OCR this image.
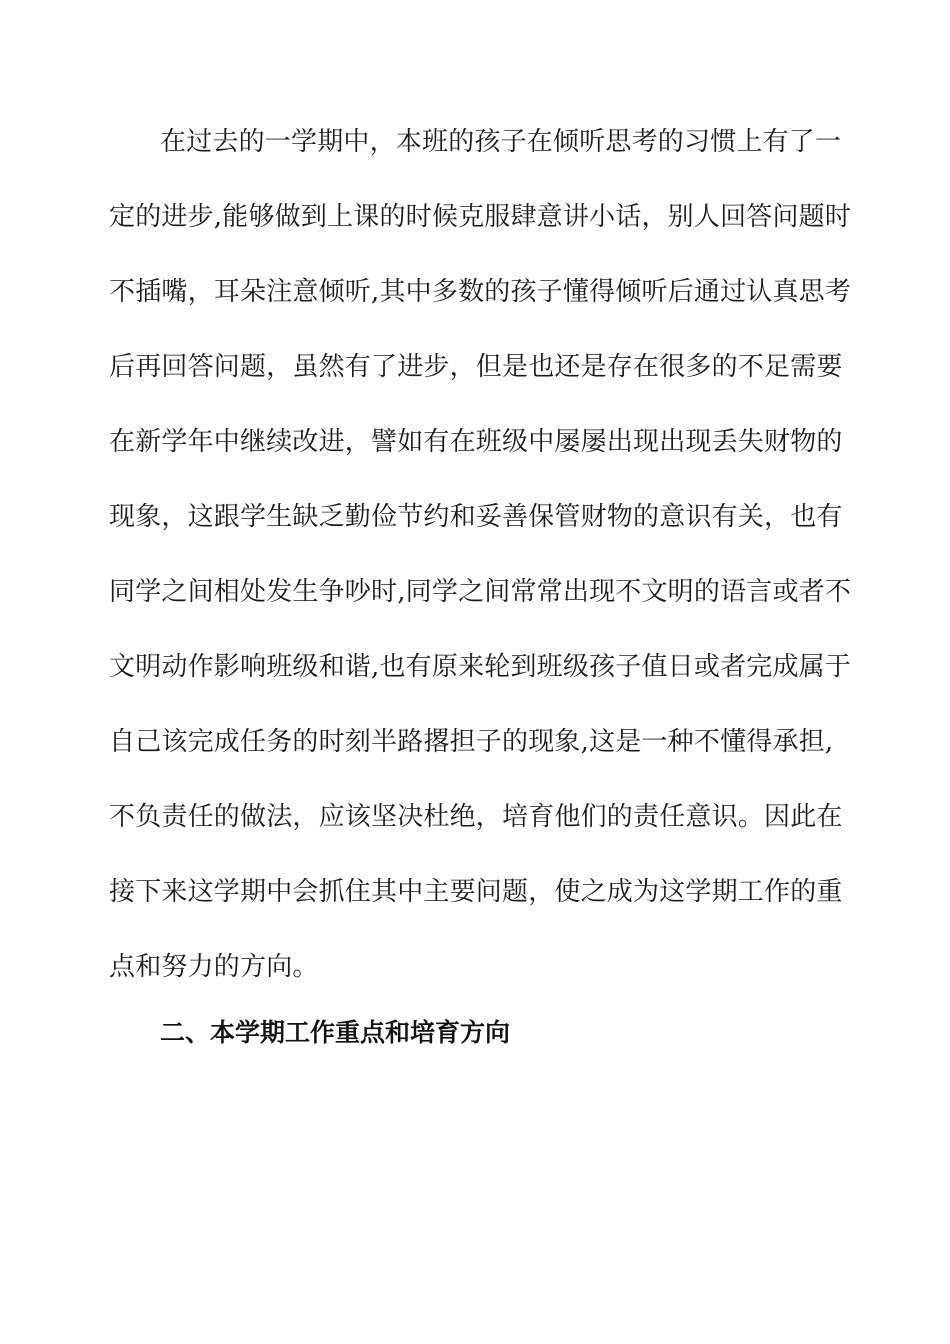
在过去的一学期中，本班的孩子在倾听思考的习惯上有了一
定的进步,能够做到上课的时候克服肆意讲小话，别人回答问题时
不插嘴，耳朵注意倾听,其中多数的孩子懂得倾听后通过认真思考
后再回答问题，虽然有了进步，但是也还是存在很多的不足需要
在新学年中继续改进，譬如有在班级中屡屡出现出现丢失财物的
现象，这跟学生缺乏勤俭节约和妥善保管财物的意识有关，也有
同学之间相处发生争吵时,同学之间常常出现不文明的语言或者不
文明动作影响班级和谐,也有原来轮到班级孩子值日或者完成属于
自己该完成任务的时刻半路撂担子的现象,这是一种不懂得承担,
不负责任的做法，应该坚决杜绝，培育他们的责任意识。因此在
接下来这学期中会抓住其中主要问题，使之成为这学期工作的重
点和努力的方向。
二、本学期工作重点和培育方向
